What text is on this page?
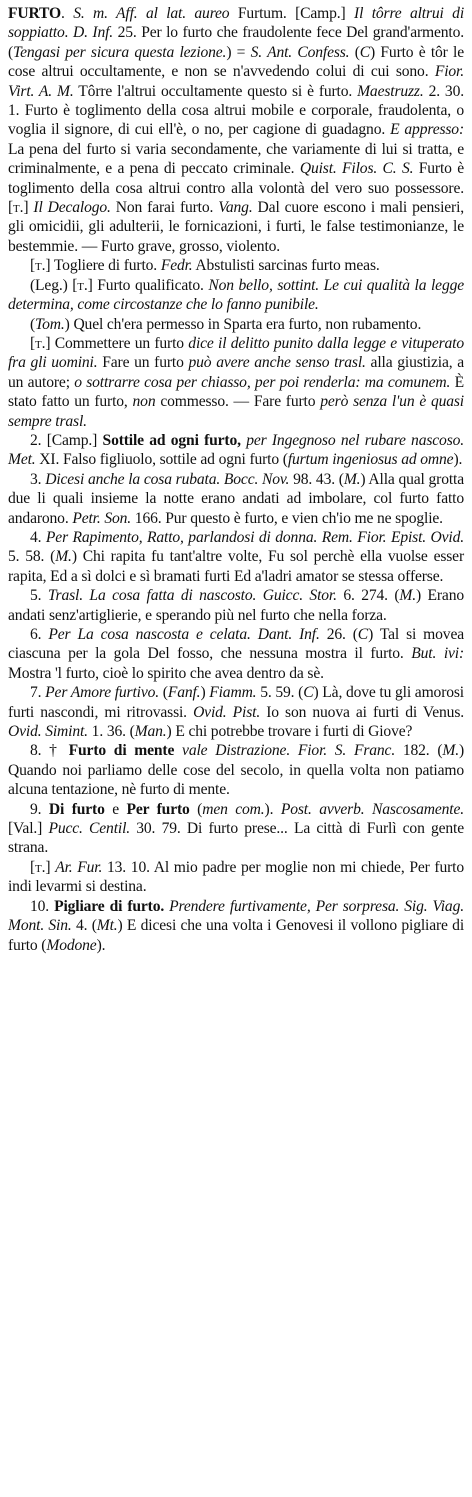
FURTO. S. m. Aff. al lat. aureo Furtum. [Camp.] Il tôrre altrui di soppiatto. D. Inf. 25. Per lo furto che fraudolente fece Del grand'armento. (Tengasi per sicura questa lezione.) = S. Ant. Confess. (C) Furto è tôr le cose altrui occultamente, e non se n'avvedendo colui di cui sono. Fior. Virt. A. M. Tôrre l'altrui occultamente questo si è furto. Maestruzz. 2. 30. 1. Furto è toglimento della cosa altrui mobile e corporale, fraudolenta, o voglia il signore, di cui ell'è, o no, per cagione di guadagno. E appresso: La pena del furto si varia secondamente, che variamente di lui si tratta, e criminalmente, e a pena di peccato criminale. Quist. Filos. C. S. Furto è toglimento della cosa altrui contro alla volontà del vero suo possessore. [t.] Il Decalogo. Non farai furto. Vang. Dal cuore escono i mali pensieri, gli omicidii, gli adulterii, le fornicazioni, i furti, le false testimonianze, le bestemmie. — Furto grave, grosso, violento.

[t.] Togliere di furto. Fedr. Abstulisti sarcinas furto meas.

(Leg.) [t.] Furto qualificato. Non bello, sottint. Le cui qualità la legge determina, come circostanze che lo fanno punibile.

(Tom.) Quel ch'era permesso in Sparta era furto, non rubamento.

[t.] Commettere un furto dice il delitto punito dalla legge e vituperato fra gli uomini. Fare un furto può avere anche senso trasl. alla giustizia, a un autore; o sottrarre cosa per chiasso, per poi renderla: ma comunem. È stato fatto un furto, non commesso. — Fare furto però senza l'un è quasi sempre trasl.

2. [Camp.] Sottile ad ogni furto, per Ingegnoso nel rubare nascoso. Met. XI. Falso figliuolo, sottile ad ogni furto (furtum ingeniosus ad omne).

3. Dicesi anche la cosa rubata. Bocc. Nov. 98. 43. (M.) Alla qual grotta due li quali insieme la notte erano andati ad imbolare, col furto fatto andarono. Petr. Son. 166. Pur questo è furto, e vien ch'io me ne spoglie.

4. Per Rapimento, Ratto, parlandosi di donna. Rem. Fior. Epist. Ovid. 5. 58. (M.) Chi rapita fu tant'altre volte, Fu sol perchè ella vuolse esser rapita, Ed a sì dolci e sì bramati furti Ed a'ladri amator se stessa offerse.

5. Trasl. La cosa fatta di nascosto. Guicc. Stor. 6. 274. (M.) Erano andati senz'artiglierie, e sperando più nel furto che nella forza.

6. Per La cosa nascosta e celata. Dant. Inf. 26. (C) Tal si movea ciascuna per la gola Del fosso, che nessuna mostra il furto. But. ivi: Mostra 'l furto, cioè lo spirito che avea dentro da sè.

7. Per Amore furtivo. (Fanf.) Fiamm. 5. 59. (C) Là, dove tu gli amorosi furti nascondi, mi ritrovassi. Ovid. Pist. Io son nuova ai furti di Venus. Ovid. Simint. 1. 36. (Man.) E chi potrebbe trovare i furti di Giove?

8. † Furto di mente vale Distrazione. Fior. S. Franc. 182. (M.) Quando noi parliamo delle cose del secolo, in quella volta non patiamo alcuna tentazione, nè furto di mente.

9. Di furto e Per furto (men com.). Post. avverb. Nascosamente. [Val.] Pucc. Centil. 30. 79. Di furto prese... La città di Furlì con gente strana.

[t.] Ar. Fur. 13. 10. Al mio padre per moglie non mi chiede, Per furto indi levarmi si destina.

10. Pigliare di furto. Prendere furtivamente, Per sorpresa. Sig. Viag. Mont. Sin. 4. (Mt.) E dicesi che una volta i Genovesi il vollono pigliare di furto (Modone).
